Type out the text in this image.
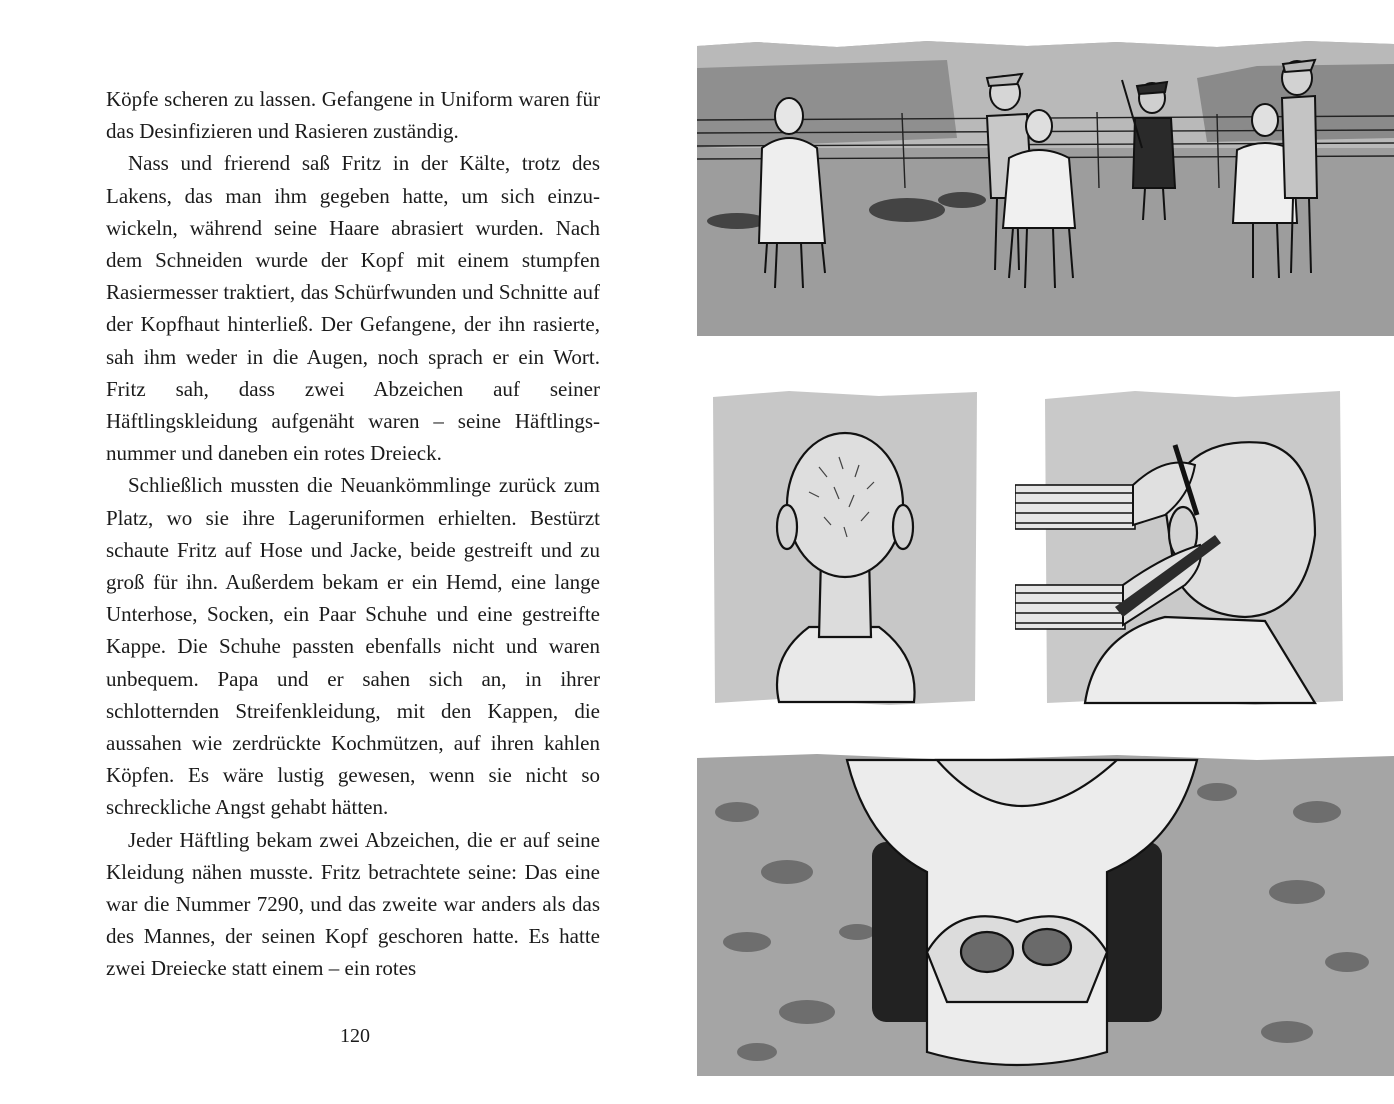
Köpfe scheren zu lassen. Gefangene in Uniform waren für das Desinfizieren und Rasieren zuständig.

Nass und frierend saß Fritz in der Kälte, trotz des Lakens, das man ihm gegeben hatte, um sich einzuwickeln, während seine Haare abrasiert wurden. Nach dem Schneiden wurde der Kopf mit einem stumpfen Rasiermesser traktiert, das Schürfwunden und Schnitte auf der Kopfhaut hinterließ. Der Gefangene, der ihn rasierte, sah ihm weder in die Augen, noch sprach er ein Wort. Fritz sah, dass zwei Abzeichen auf seiner Häftlingskleidung aufgenäht waren – seine Häftlingsnummer und daneben ein rotes Dreieck.

Schließlich mussten die Neuankömmlinge zurück zum Platz, wo sie ihre Lageruniformen erhielten. Bestürzt schaute Fritz auf Hose und Jacke, beide gestreift und zu groß für ihn. Außerdem bekam er ein Hemd, eine lange Unterhose, Socken, ein Paar Schuhe und eine gestreifte Kappe. Die Schuhe passten ebenfalls nicht und waren unbequem. Papa und er sahen sich an, in ihrer schlotternden Streifenkleidung, mit den Kappen, die aussahen wie zerdrückte Kochmützen, auf ihren kahlen Köpfen. Es wäre lustig gewesen, wenn sie nicht so schreckliche Angst gehabt hätten.

Jeder Häftling bekam zwei Abzeichen, die er auf seine Kleidung nähen musste. Fritz betrachtete seine: Das eine war die Nummer 7290, und das zweite war anders als das des Mannes, der seinen Kopf geschoren hatte. Es hatte zwei Dreiecke statt einem – ein rotes

120
